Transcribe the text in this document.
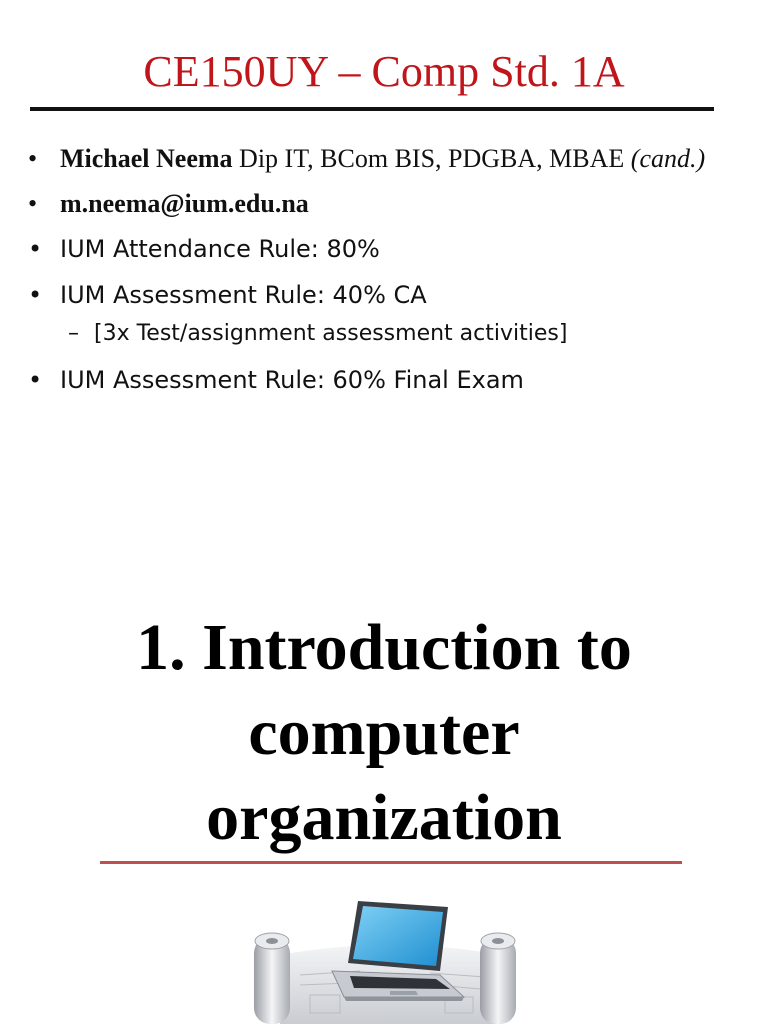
CE150UY – Comp Std. 1A
• Michael Neema Dip IT, BCom BIS, PDGBA, MBAE (cand.)
• m.neema@ium.edu.na
• IUM Attendance Rule: 80%
• IUM Assessment Rule: 40% CA
– [3x Test/assignment assessment activities]
• IUM Assessment Rule: 60% Final Exam
1. Introduction to
computer
organization
